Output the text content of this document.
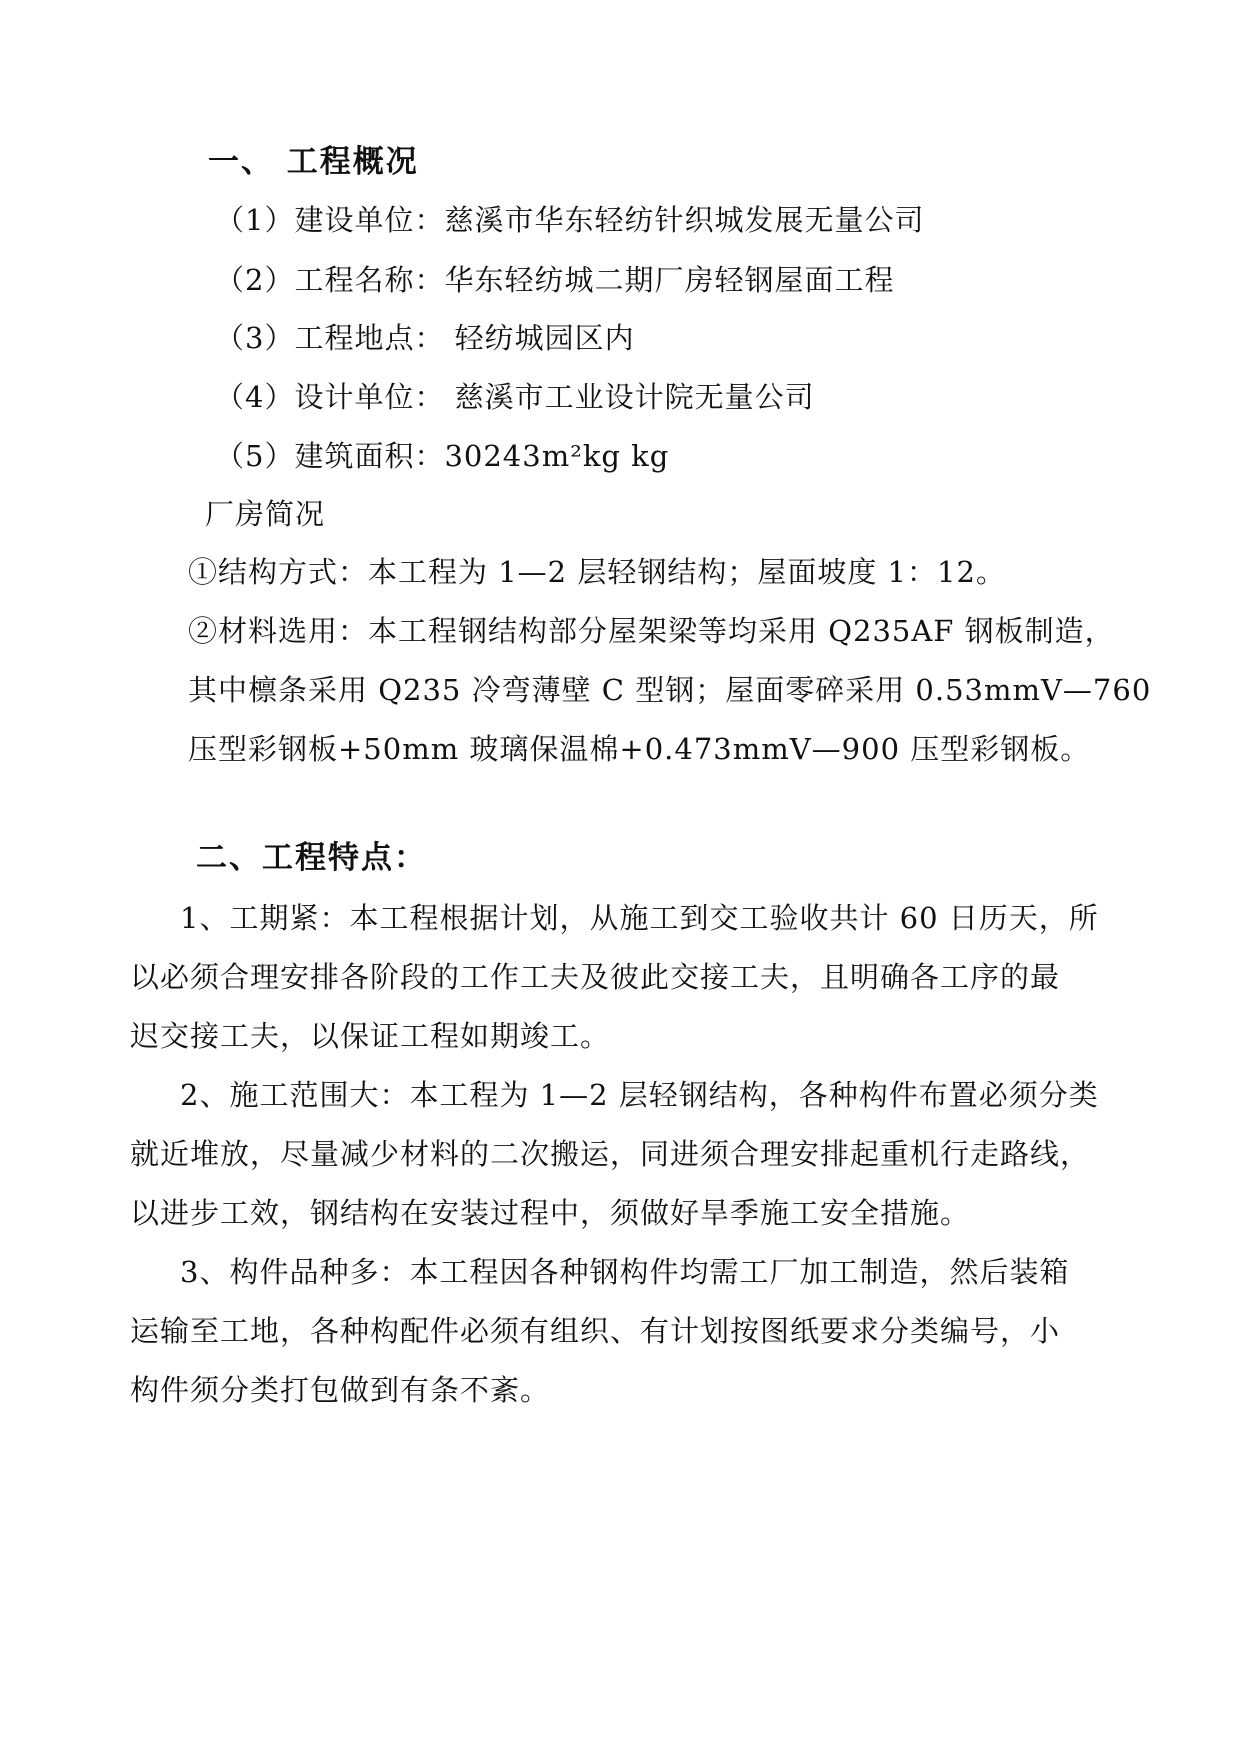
一、 工程概况
（1）建设单位：慈溪市华东轻纺针织城发展无量公司
（2）工程名称：华东轻纺城二期厂房轻钢屋面工程
（3）工程地点： 轻纺城园区内
（4）设计单位： 慈溪市工业设计院无量公司
（5）建筑面积：30243m²kg kg
厂房简况
①结构方式：本工程为 1—2 层轻钢结构；屋面坡度 1：12。
②材料选用：本工程钢结构部分屋架梁等均采用 Q235AF 钢板制造，
其中檩条采用 Q235 冷弯薄壁 C 型钢；屋面零碎采用 0.53mmV—760
压型彩钢板+50mm 玻璃保温棉+0.473mmV—900 压型彩钢板。
二、工程特点：
1、工期紧：本工程根据计划，从施工到交工验收共计 60 日历天，所
以必须合理安排各阶段的工作工夫及彼此交接工夫，且明确各工序的最
迟交接工夫，以保证工程如期竣工。
2、施工范围大：本工程为 1—2 层轻钢结构，各种构件布置必须分类
就近堆放，尽量减少材料的二次搬运，同进须合理安排起重机行走路线，
以进步工效，钢结构在安装过程中，须做好旱季施工安全措施。
3、构件品种多：本工程因各种钢构件均需工厂加工制造，然后装箱
运输至工地，各种构配件必须有组织、有计划按图纸要求分类编号，小
构件须分类打包做到有条不紊。
